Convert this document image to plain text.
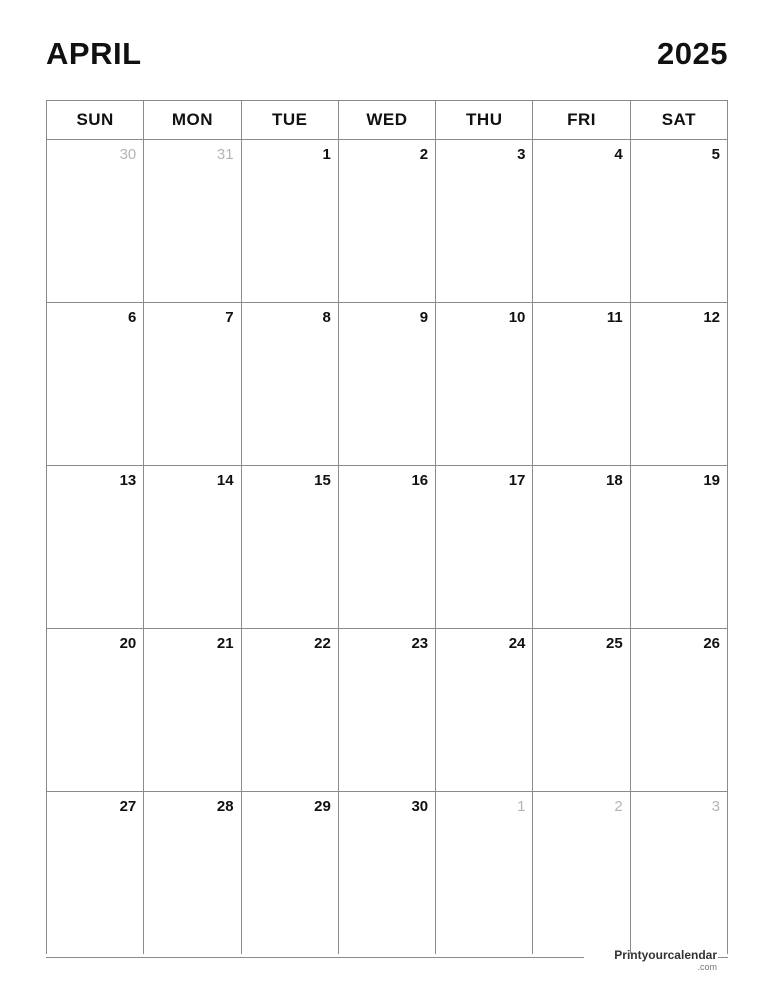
APRIL	2025
SUN	MON	TUE	WED	THU	FRI	SAT

30	31	1	2	3	4	5

6	7	8	9	10	11	12

13	14	15	16	17	18	19

20	21	22	23	24	25	26

27	28	29	30	1	2	3
Printyourcalendar
.com
